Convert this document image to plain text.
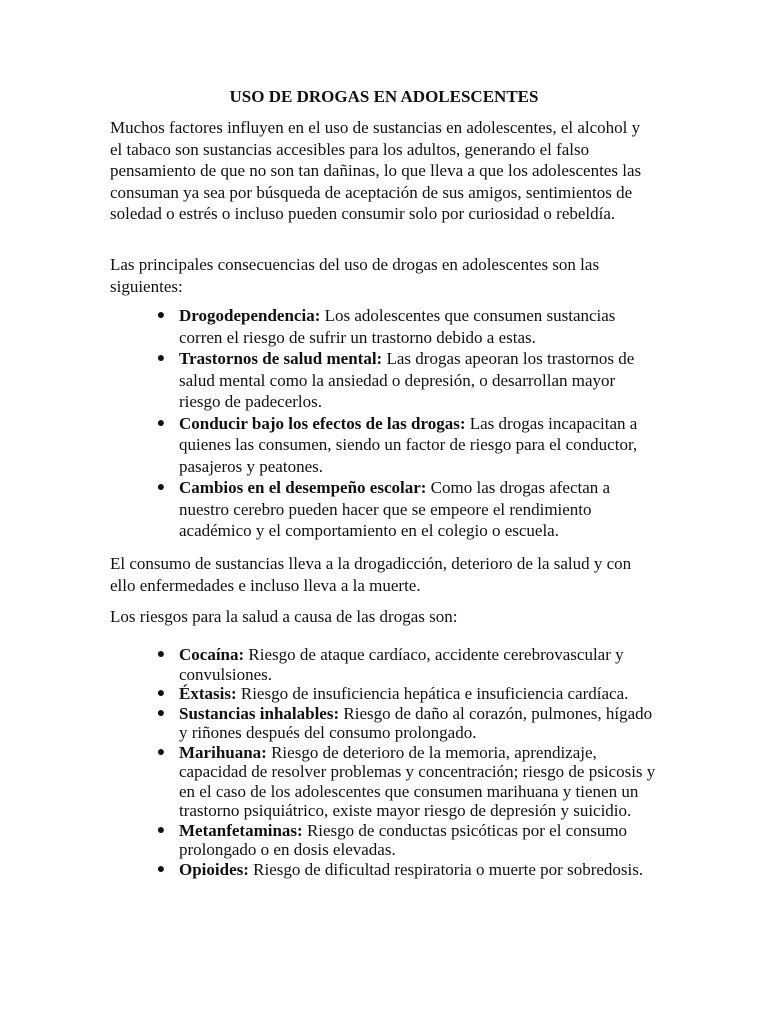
USO DE DROGAS EN ADOLESCENTES

Muchos factores influyen en el uso de sustancias en adolescentes, el alcohol y el tabaco son sustancias accesibles para los adultos, generando el falso pensamiento de que no son tan dañinas, lo que lleva a que los adolescentes las consuman ya sea por búsqueda de aceptación de sus amigos, sentimientos de soledad o estrés o incluso pueden consumir solo por curiosidad o rebeldía.

Las principales consecuencias del uso de drogas en adolescentes son las siguientes:

● Drogodependencia: Los adolescentes que consumen sustancias corren el riesgo de sufrir un trastorno debido a estas.
● Trastornos de salud mental: Las drogas apeoran los trastornos de salud mental como la ansiedad o depresión, o desarrollan mayor riesgo de padecerlos.
● Conducir bajo los efectos de las drogas: Las drogas incapacitan a quienes las consumen, siendo un factor de riesgo para el conductor, pasajeros y peatones.
● Cambios en el desempeño escolar: Como las drogas afectan a nuestro cerebro pueden hacer que se empeore el rendimiento académico y el comportamiento en el colegio o escuela.

El consumo de sustancias lleva a la drogadicción, deterioro de la salud y con ello enfermedades e incluso lleva a la muerte.

Los riesgos para la salud a causa de las drogas son:

● Cocaína: Riesgo de ataque cardíaco, accidente cerebrovascular y convulsiones.
● Éxtasis: Riesgo de insuficiencia hepática e insuficiencia cardíaca.
● Sustancias inhalables: Riesgo de daño al corazón, pulmones, hígado y riñones después del consumo prolongado.
● Marihuana: Riesgo de deterioro de la memoria, aprendizaje, capacidad de resolver problemas y concentración; riesgo de psicosis y en el caso de los adolescentes que consumen marihuana y tienen un trastorno psiquiátrico, existe mayor riesgo de depresión y suicidio.
● Metanfetaminas: Riesgo de conductas psicóticas por el consumo prolongado o en dosis elevadas.
● Opioides: Riesgo de dificultad respiratoria o muerte por sobredosis.
